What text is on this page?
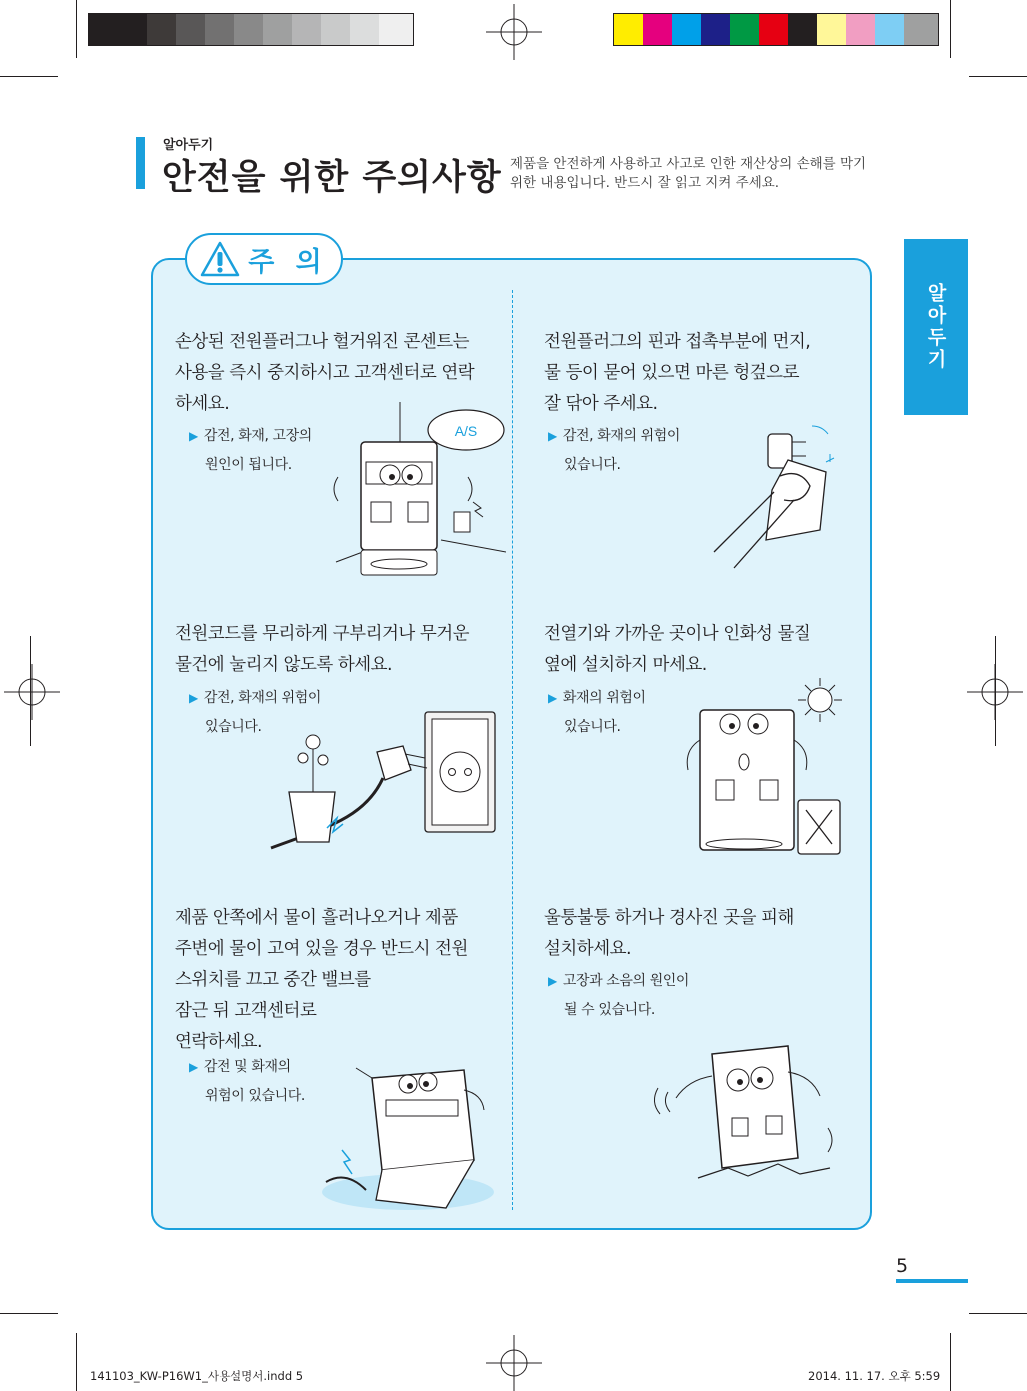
알아두기
안전을 위한 주의사항 제품을 안전하게 사용하고 사고로 인한 재산상의 손해를 막기
위한 내용입니다. 반드시 잘 읽고 지켜 주세요.
알아두기
주 의
손상된 전원플러그나 헐거워진 콘센트는
사용을 즉시 중지하시고 고객센터로 연락
하세요.
▶ 감전, 화재, 고장의
원인이 됩니다.
A/S
전원플러그의 핀과 접촉부분에 먼지,
물 등이 묻어 있으면 마른 헝겊으로
잘 닦아 주세요.
▶ 감전, 화재의 위험이
있습니다.
전원코드를 무리하게 구부리거나 무거운
물건에 눌리지 않도록 하세요.
▶ 감전, 화재의 위험이
있습니다.
전열기와 가까운 곳이나 인화성 물질
옆에 설치하지 마세요.
▶ 화재의 위험이
있습니다.
제품 안쪽에서 물이 흘러나오거나 제품
주변에 물이 고여 있을 경우 반드시 전원
스위치를 끄고 중간 밸브를
잠근 뒤 고객센터로
연락하세요.
▶ 감전 및 화재의
위험이 있습니다.
울퉁불퉁 하거나 경사진 곳을 피해
설치하세요.
▶ 고장과 소음의 원인이
될 수 있습니다.
5
141103_KW-P16W1_사용설명서.indd 5	2014. 11. 17. 오후 5:59
